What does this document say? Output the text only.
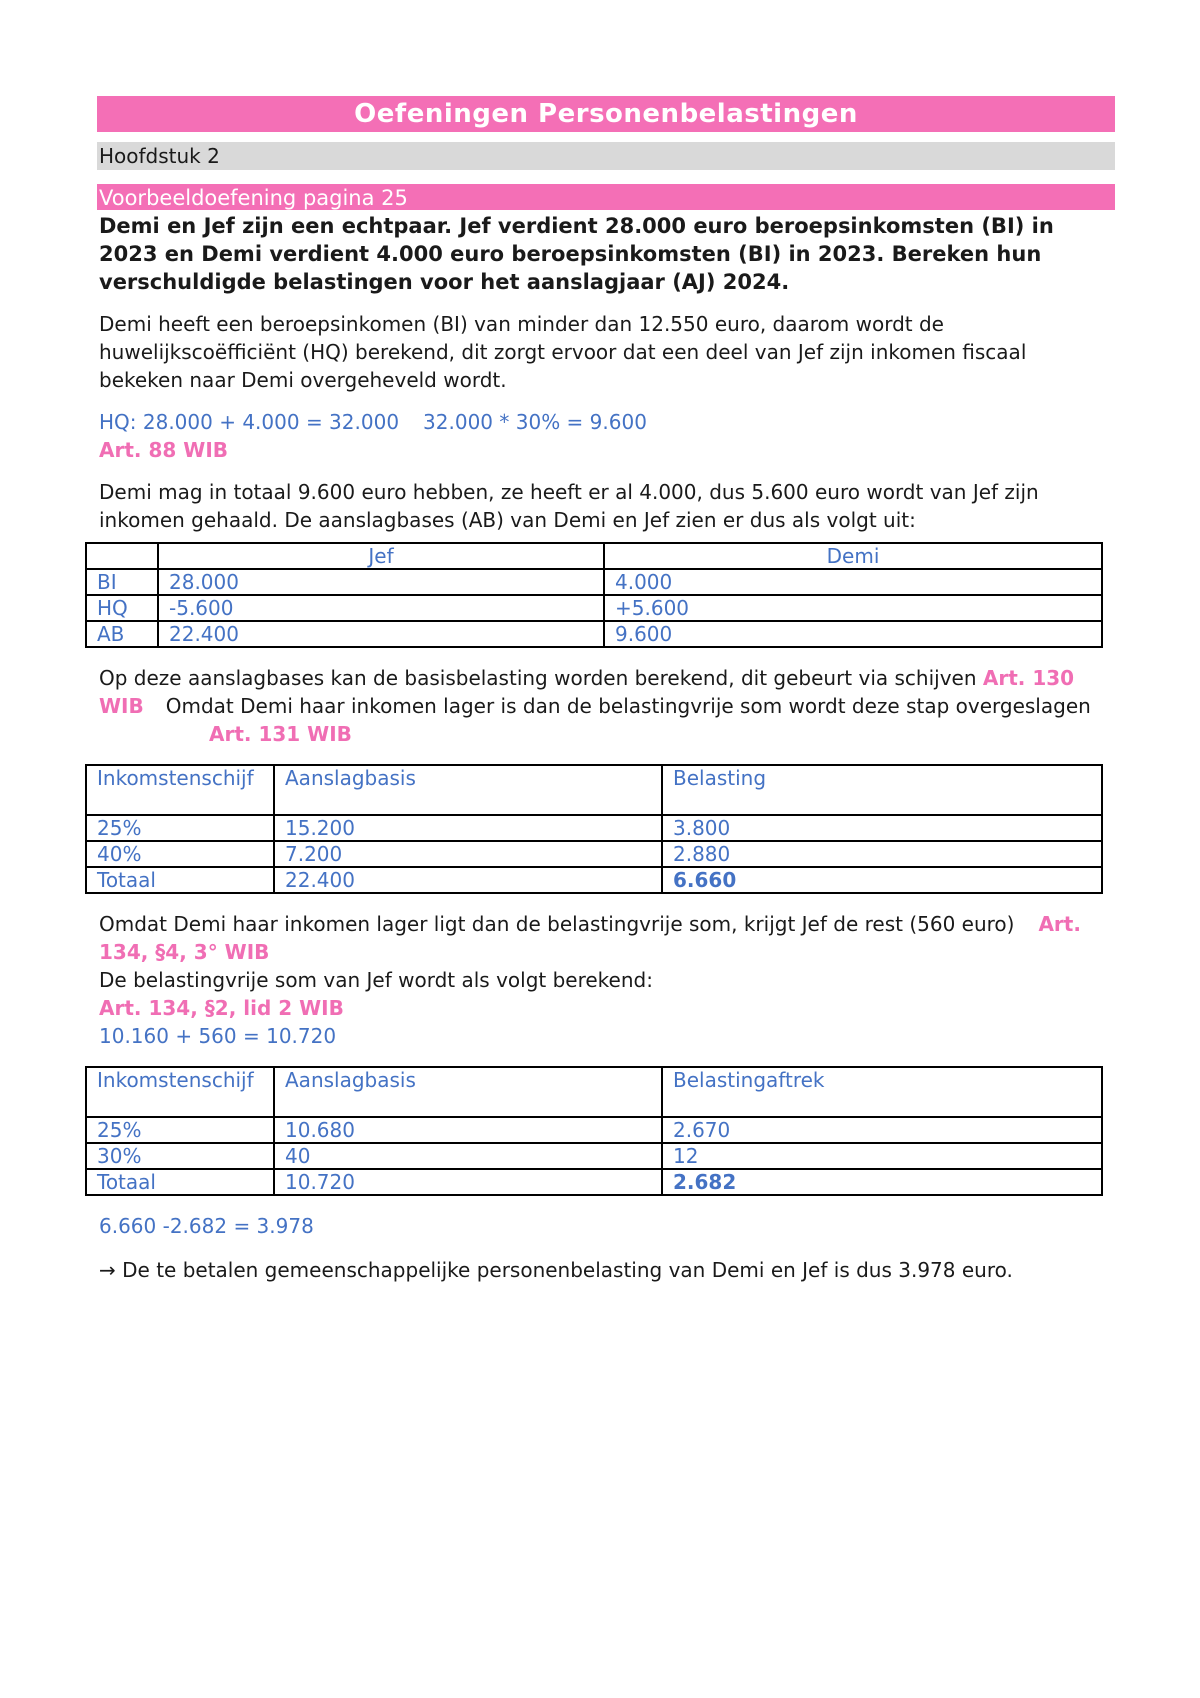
Oefeningen Personenbelastingen
Hoofdstuk 2
Voorbeeldoefening pagina 25

Demi en Jef zijn een echtpaar. Jef verdient 28.000 euro beroepsinkomsten (BI) in 2023 en Demi verdient 4.000 euro beroepsinkomsten (BI) in 2023. Bereken hun verschuldigde belastingen voor het aanslagjaar (AJ) 2024.

Demi heeft een beroepsinkomen (BI) van minder dan 12.550 euro, daarom wordt de huwelijkscoëfficiënt (HQ) berekend, dit zorgt ervoor dat een deel van Jef zijn inkomen fiscaal bekeken naar Demi overgeheveld wordt.

HQ: 28.000 + 4.000 = 32.000 32.000 * 30% = 9.600

Art. 88 WIB

Demi mag in totaal 9.600 euro hebben, ze heeft er al 4.000, dus 5.600 euro wordt van Jef zijn inkomen gehaald. De aanslagbases (AB) van Demi en Jef zien er dus als volgt uit:

	Jef	Demi
BI	28.000	4.000
HQ	-5.600	+5.600
AB	22.400	9.600

Op deze aanslagbases kan de basisbelasting worden berekend, dit gebeurt via schijven Art. 130 WIB Omdat Demi haar inkomen lager is dan de belastingvrije som wordt deze stap overgeslagenArt. 131 WIB

Inkomstenschijf	Aanslagbasis	Belasting
25%	15.200	3.800
40%	7.200	2.880
Totaal	22.400	6.660

Omdat Demi haar inkomen lager ligt dan de belastingvrije som, krijgt Jef de rest (560 euro) Art. 134, §4, 3° WIB

De belastingvrije som van Jef wordt als volgt berekend:

Art. 134, §2, lid 2 WIB

10.160 + 560 = 10.720

Inkomstenschijf	Aanslagbasis	Belastingaftrek
25%	10.680	2.670
30%	40	12
Totaal	10.720	2.682

6.660 -2.682 = 3.978

→ De te betalen gemeenschappelijke personenbelasting van Demi en Jef is dus 3.978 euro.
